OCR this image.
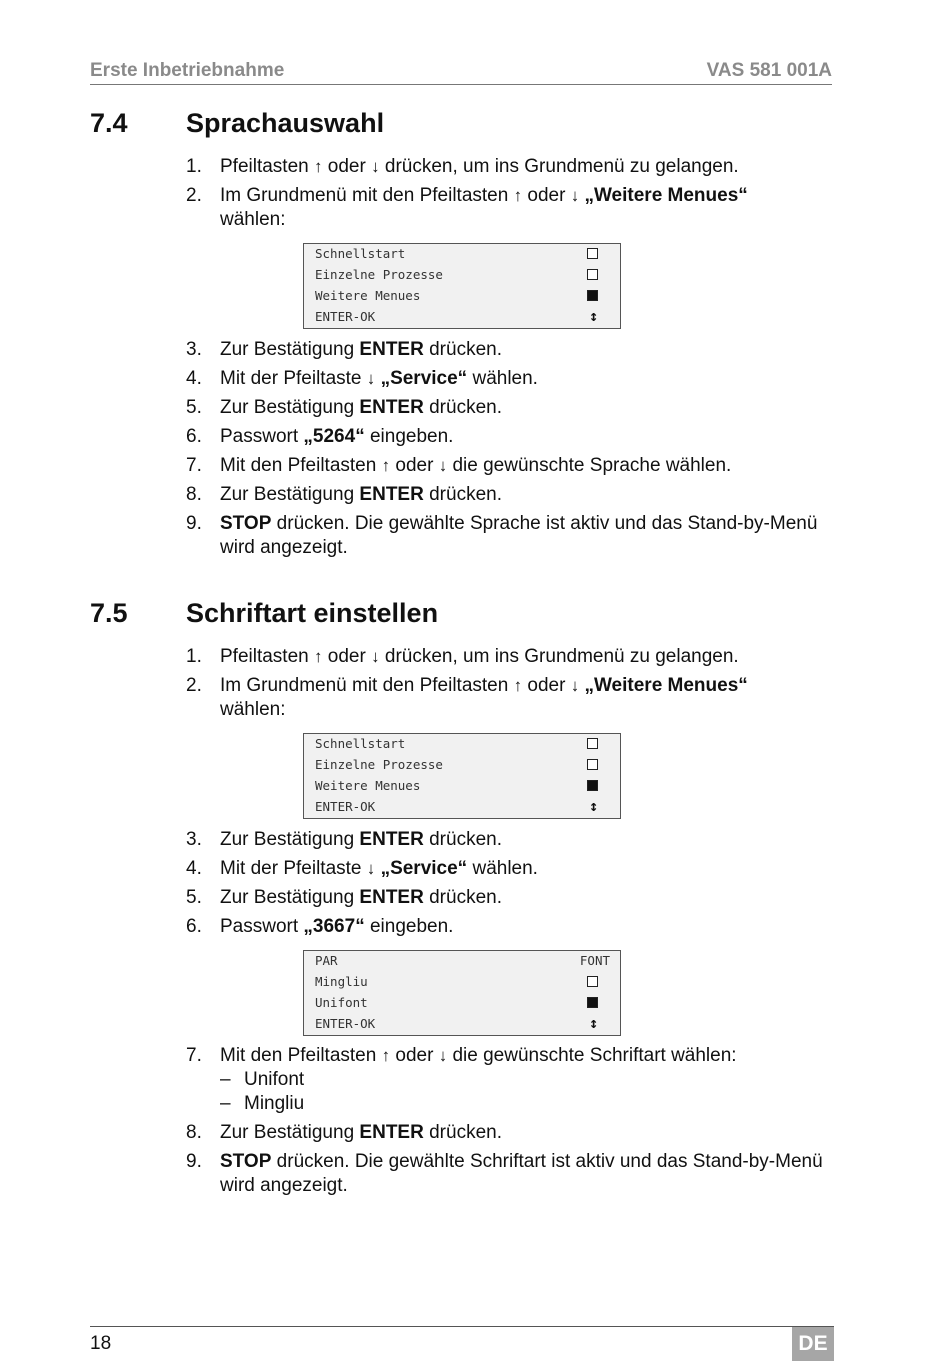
Erste Inbetriebnahme	VAS 581 001A
7.4 Sprachauswahl
1. Pfeiltasten ↑ oder ↓ drücken, um ins Grundmenü zu gelangen.
2. Im Grundmenü mit den Pfeiltasten ↑ oder ↓ „Weitere Menues“
wählen:
Schnellstart
Einzelne Prozesse
Weitere Menues
ENTER-OK	↕
3. Zur Bestätigung ENTER drücken.
4. Mit der Pfeiltaste ↓ „Service“ wählen.
5. Zur Bestätigung ENTER drücken.
6. Passwort „5264“ eingeben.
7. Mit den Pfeiltasten ↑ oder ↓ die gewünschte Sprache wählen.
8. Zur Bestätigung ENTER drücken.
9. STOP drücken. Die gewählte Sprache ist aktiv und das Stand-by-Menü wird angezeigt.
7.5 Schriftart einstellen
1. Pfeiltasten ↑ oder ↓ drücken, um ins Grundmenü zu gelangen.
2. Im Grundmenü mit den Pfeiltasten ↑ oder ↓ „Weitere Menues“
wählen:
Schnellstart
Einzelne Prozesse
Weitere Menues
ENTER-OK	↕
3. Zur Bestätigung ENTER drücken.
4. Mit der Pfeiltaste ↓ „Service“ wählen.
5. Zur Bestätigung ENTER drücken.
6. Passwort „3667“ eingeben.
PAR	FONT
Mingliu
Unifont
ENTER-OK	↕
7. Mit den Pfeiltasten ↑ oder ↓ die gewünschte Schriftart wählen:
– Unifont
– Mingliu
8. Zur Bestätigung ENTER drücken.
9. STOP drücken. Die gewählte Schriftart ist aktiv und das Stand-by-Menü wird angezeigt.
18	DE
